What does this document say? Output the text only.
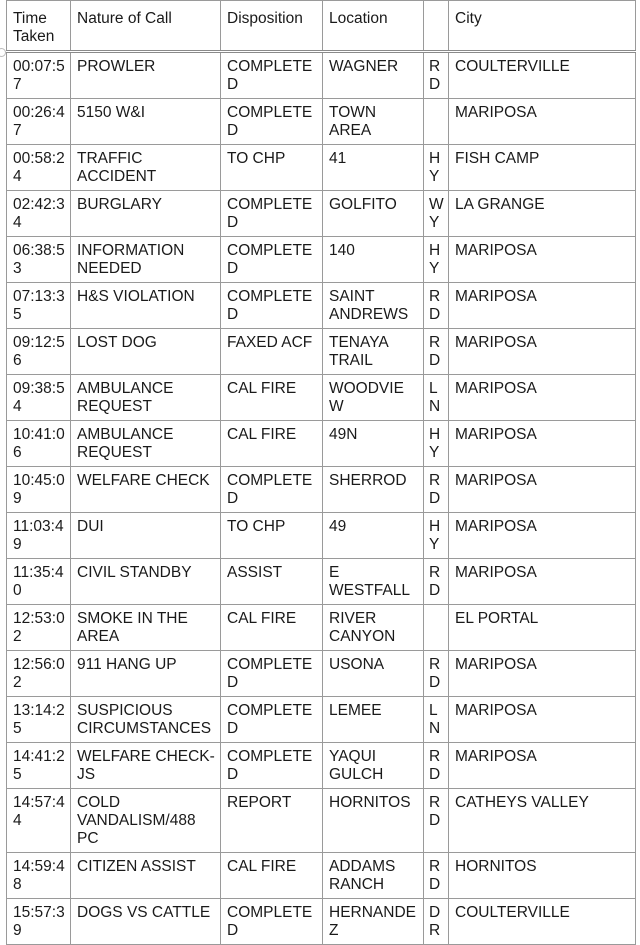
Time Taken	Nature of Call	Disposition	Location		City
00:07:57	PROWLER	COMPLETED	WAGNER	RD	COULTERVILLE
00:26:47	5150 W&I	COMPLETED	TOWN AREA		MARIPOSA
00:58:24	TRAFFIC ACCIDENT	TO CHP	41	HY	FISH CAMP
02:42:34	BURGLARY	COMPLETED	GOLFITO	WY	LA GRANGE
06:38:53	INFORMATION NEEDED	COMPLETED	140	HY	MARIPOSA
07:13:35	H&S VIOLATION	COMPLETED	SAINT ANDREWS	RD	MARIPOSA
09:12:56	LOST DOG	FAXED ACF	TENAYA TRAIL	RD	MARIPOSA
09:38:54	AMBULANCE REQUEST	CAL FIRE	WOODVIEW	LN	MARIPOSA
10:41:06	AMBULANCE REQUEST	CAL FIRE	49N	HY	MARIPOSA
10:45:09	WELFARE CHECK	COMPLETED	SHERROD	RD	MARIPOSA
11:03:49	DUI	TO CHP	49	HY	MARIPOSA
11:35:40	CIVIL STANDBY	ASSIST	E WESTFALL	RD	MARIPOSA
12:53:02	SMOKE IN THE AREA	CAL FIRE	RIVER CANYON		EL PORTAL
12:56:02	911 HANG UP	COMPLETED	USONA	RD	MARIPOSA
13:14:25	SUSPICIOUS CIRCUMSTANCES	COMPLETED	LEMEE	LN	MARIPOSA
14:41:25	WELFARE CHECK-JS	COMPLETED	YAQUI GULCH	RD	MARIPOSA
14:57:44	COLD VANDALISM/488 PC	REPORT	HORNITOS	RD	CATHEYS VALLEY
14:59:48	CITIZEN ASSIST	CAL FIRE	ADDAMS RANCH	RD	HORNITOS
15:57:39	DOGS VS CATTLE	COMPLETED	HERNANDEZ	DR	COULTERVILLE
